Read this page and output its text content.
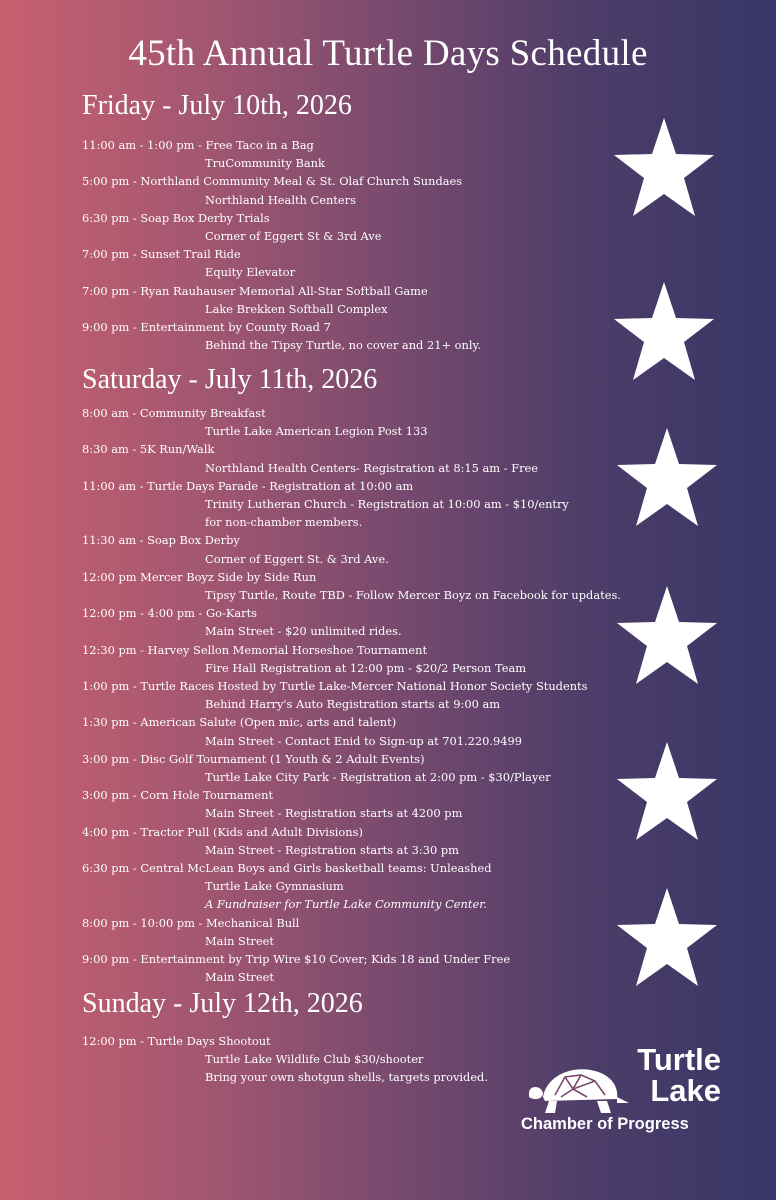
45th Annual Turtle Days Schedule
Friday - July 10th, 2026
11:00 am - 1:00 pm - Free Taco in a Bag
TruCommunity Bank
5:00 pm - Northland Community Meal & St. Olaf Church Sundaes
Northland Health Centers
6:30 pm - Soap Box Derby Trials
Corner of Eggert St & 3rd Ave
7:00 pm - Sunset Trail Ride
Equity Elevator
7:00 pm - Ryan Rauhauser Memorial All-Star Softball Game
Lake Brekken Softball Complex
9:00 pm - Entertainment by County Road 7
Behind the Tipsy Turtle, no cover and 21+ only.
Saturday - July 11th, 2026
8:00 am - Community Breakfast
Turtle Lake American Legion Post 133
8:30 am - 5K Run/Walk
Northland Health Centers- Registration at 8:15 am - Free
11:00 am - Turtle Days Parade - Registration at 10:00 am
Trinity Lutheran Church - Registration at 10:00 am - $10/entry
for non-chamber members.
11:30 am - Soap Box Derby
Corner of Eggert St. & 3rd Ave.
12:00 pm Mercer Boyz Side by Side Run
Tipsy Turtle, Route TBD - Follow Mercer Boyz on Facebook for updates.
12:00 pm - 4:00 pm - Go-Karts
Main Street - $20 unlimited rides.
12:30 pm - Harvey Sellon Memorial Horseshoe Tournament
Fire Hall Registration at 12:00 pm - $20/2 Person Team
1:00 pm - Turtle Races Hosted by Turtle Lake-Mercer National Honor Society Students
Behind Harry's Auto Registration starts at 9:00 am
1:30 pm - American Salute (Open mic, arts and talent)
Main Street - Contact Enid to Sign-up at 701.220.9499
3:00 pm - Disc Golf Tournament (1 Youth & 2 Adult Events)
Turtle Lake City Park - Registration at 2:00 pm - $30/Player
3:00 pm - Corn Hole Tournament
Main Street - Registration starts at 4200 pm
4:00 pm - Tractor Pull (Kids and Adult Divisions)
Main Street - Registration starts at 3:30 pm
6:30 pm - Central McLean Boys and Girls basketball teams: Unleashed
Turtle Lake Gymnasium
A Fundraiser for Turtle Lake Community Center.
8:00 pm - 10:00 pm - Mechanical Bull
Main Street
9:00 pm - Entertainment by Trip Wire $10 Cover; Kids 18 and Under Free
Main Street
Sunday - July 12th, 2026
12:00 pm - Turtle Days Shootout
Turtle Lake Wildlife Club $30/shooter
Bring your own shotgun shells, targets provided.
Turtle
Lake
Chamber of Progress
